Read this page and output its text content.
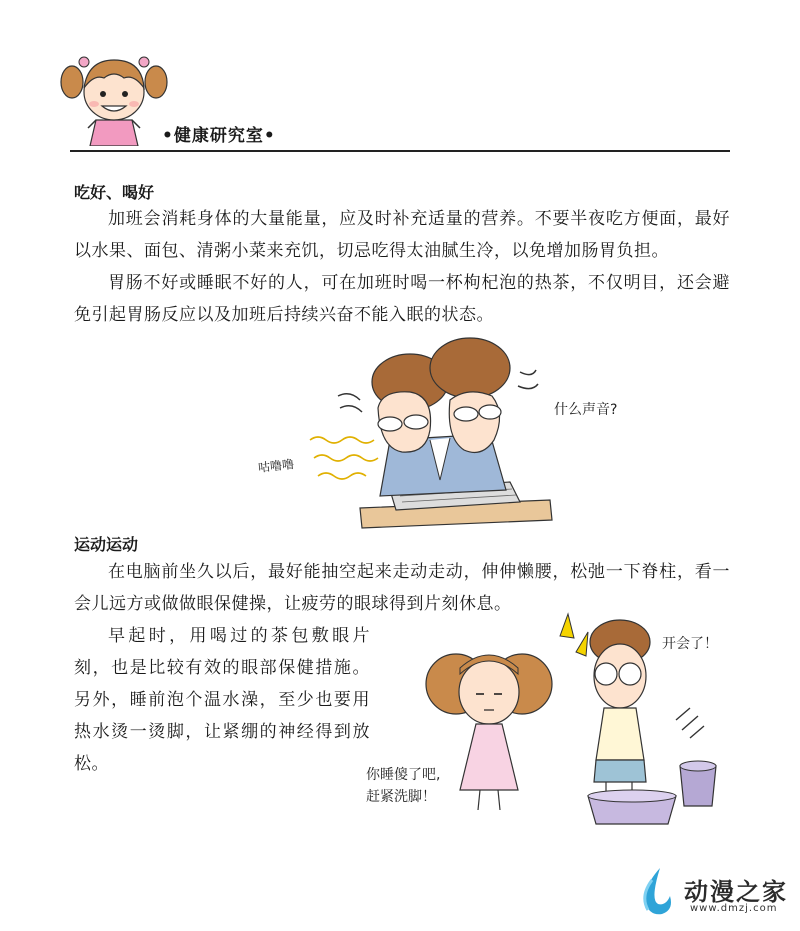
•健康研究室•
吃好、喝好
加班会消耗身体的大量能量，应及时补充适量的营养。不要半夜吃方便面，最好以水果、面包、清粥小菜来充饥，切忌吃得太油腻生冷，以免增加肠胃负担。
胃肠不好或睡眠不好的人，可在加班时喝一杯枸杞泡的热茶，不仅明目，还会避免引起胃肠反应以及加班后持续兴奋不能入眠的状态。
什么声音?
咕噜噜
运动运动
在电脑前坐久以后，最好能抽空起来走动走动，伸伸懒腰，松弛一下脊柱，看一会儿远方或做做眼保健操，让疲劳的眼球得到片刻休息。
早起时，用喝过的茶包敷眼片刻，也是比较有效的眼部保健措施。另外，睡前泡个温水澡，至少也要用热水烫一烫脚，让紧绷的神经得到放松。
开会了！
你睡傻了吧,
赶紧洗脚！
动漫之家
www.dmzj.com
